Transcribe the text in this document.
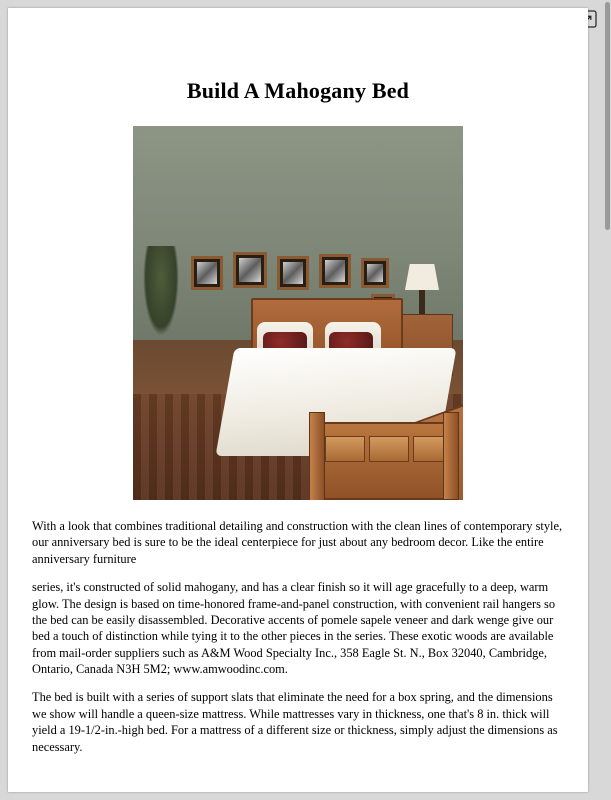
Build A Mahogany Bed

With a look that combines traditional detailing and construction with the clean lines of contemporary style, our anniversary bed is sure to be the ideal centerpiece for just about any bedroom decor. Like the entire anniversary furniture

series, it's constructed of solid mahogany, and has a clear finish so it will age gracefully to a deep, warm glow. The design is based on time-honored frame-and-panel construction, with convenient rail hangers so the bed can be easily disassembled. Decorative accents of pomele sapele veneer and dark wenge give our bed a touch of distinction while tying it to the other pieces in the series. These exotic woods are available from mail-order suppliers such as A&M Wood Specialty Inc., 358 Eagle St. N., Box 32040, Cambridge, Ontario, Canada N3H 5M2; www.amwoodinc.com.

The bed is built with a series of support slats that eliminate the need for a box spring, and the dimensions we show will handle a queen-size mattress. While mattresses vary in thickness, one that's 8 in. thick will yield a 19-1/2-in.-high bed. For a mattress of a different size or thickness, simply adjust the dimensions as necessary.
